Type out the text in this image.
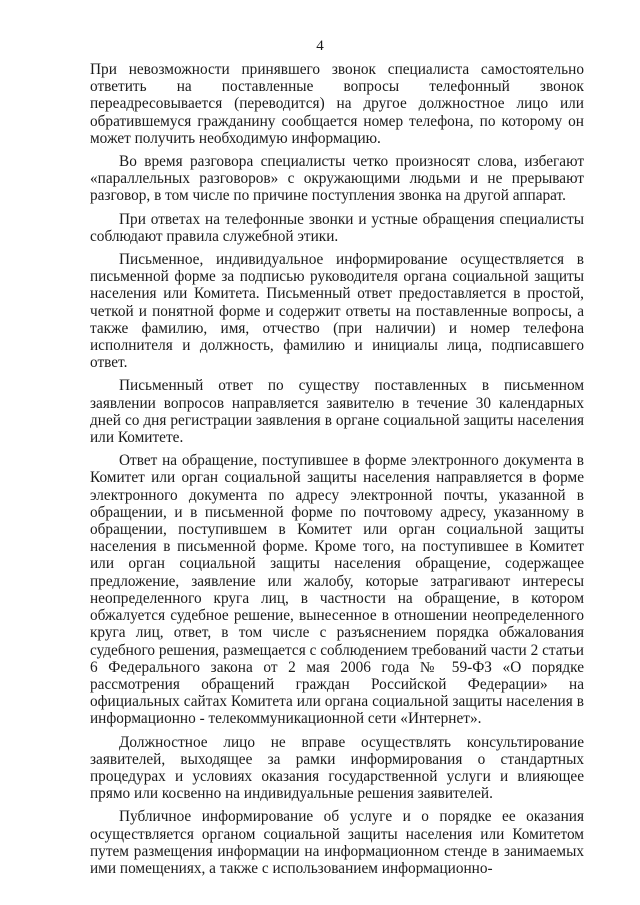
4

При невозможности принявшего звонок специалиста самостоятельно ответить на поставленные вопросы телефонный звонок переадресовывается (переводится) на другое должностное лицо или обратившемуся гражданину сообщается номер телефона, по которому он может получить необходимую информацию.

Во время разговора специалисты четко произносят слова, избегают «параллельных разговоров» с окружающими людьми и не прерывают разговор, в том числе по причине поступления звонка на другой аппарат.

При ответах на телефонные звонки и устные обращения специалисты соблюдают правила служебной этики.

Письменное, индивидуальное информирование осуществляется в письменной форме за подписью руководителя органа социальной защиты населения или Комитета. Письменный ответ предоставляется в простой, четкой и понятной форме и содержит ответы на поставленные вопросы, а также фамилию, имя, отчество (при наличии) и номер телефона исполнителя и должность, фамилию и инициалы лица, подписавшего ответ.

Письменный ответ по существу поставленных в письменном заявлении вопросов направляется заявителю в течение 30 календарных дней со дня регистрации заявления в органе социальной защиты населения или Комитете.

Ответ на обращение, поступившее в форме электронного документа в Комитет или орган социальной защиты населения направляется в форме электронного документа по адресу электронной почты, указанной в обращении, и в письменной форме по почтовому адресу, указанному в обращении, поступившем в Комитет или орган социальной защиты населения в письменной форме. Кроме того, на поступившее в Комитет или орган социальной защиты населения обращение, содержащее предложение, заявление или жалобу, которые затрагивают интересы неопределенного круга лиц, в частности на обращение, в котором обжалуется судебное решение, вынесенное в отношении неопределенного круга лиц, ответ, в том числе с разъяснением порядка обжалования судебного решения, размещается с соблюдением требований части 2 статьи 6 Федерального закона от 2 мая 2006 года № 59-ФЗ «О порядке рассмотрения обращений граждан Российской Федерации» на официальных сайтах Комитета или органа социальной защиты населения в информационно - телекоммуникационной сети «Интернет».

Должностное лицо не вправе осуществлять консультирование заявителей, выходящее за рамки информирования о стандартных процедурах и условиях оказания государственной услуги и влияющее прямо или косвенно на индивидуальные решения заявителей.

Публичное информирование об услуге и о порядке ее оказания осуществляется органом социальной защиты населения или Комитетом путем размещения информации на информационном стенде в занимаемых ими помещениях, а также с использованием информационно-
